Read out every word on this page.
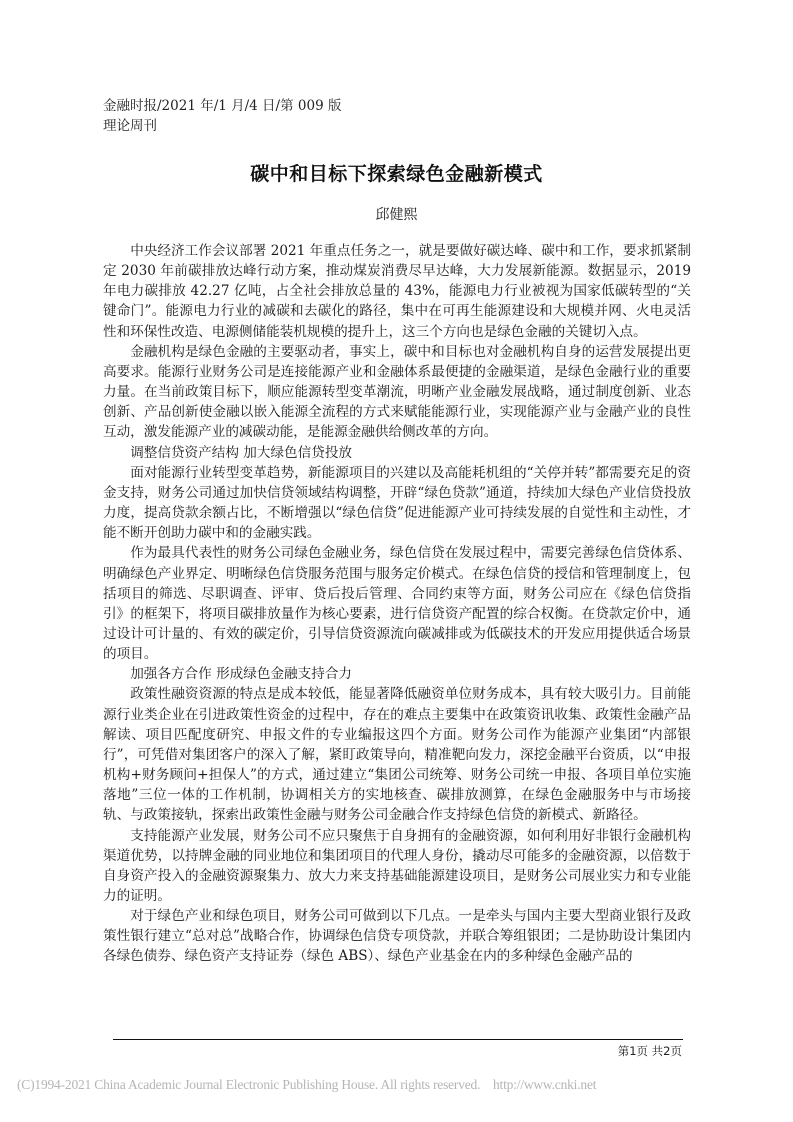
金融时报/2021 年/1 月/4 日/第 009 版
理论周刊
碳中和目标下探索绿色金融新模式
邱健熙

中央经济工作会议部署 2021 年重点任务之一，就是要做好碳达峰、碳中和工作，要求抓紧制定 2030 年前碳排放达峰行动方案，推动煤炭消费尽早达峰，大力发展新能源。数据显示，2019 年电力碳排放 42.27 亿吨，占全社会排放总量的 43%，能源电力行业被视为国家低碳转型的“关键命门”。能源电力行业的减碳和去碳化的路径，集中在可再生能源建设和大规模并网、火电灵活性和环保性改造、电源侧储能装机规模的提升上，这三个方向也是绿色金融的关键切入点。

金融机构是绿色金融的主要驱动者，事实上，碳中和目标也对金融机构自身的运营发展提出更高要求。能源行业财务公司是连接能源产业和金融体系最便捷的金融渠道，是绿色金融行业的重要力量。在当前政策目标下，顺应能源转型变革潮流，明晰产业金融发展战略，通过制度创新、业态创新、产品创新使金融以嵌入能源全流程的方式来赋能能源行业，实现能源产业与金融产业的良性互动，激发能源产业的减碳动能，是能源金融供给侧改革的方向。

调整信贷资产结构 加大绿色信贷投放

面对能源行业转型变革趋势，新能源项目的兴建以及高能耗机组的“关停并转”都需要充足的资金支持，财务公司通过加快信贷领域结构调整，开辟“绿色贷款”通道，持续加大绿色产业信贷投放力度，提高贷款余额占比，不断增强以“绿色信贷”促进能源产业可持续发展的自觉性和主动性，才能不断开创助力碳中和的金融实践。

作为最具代表性的财务公司绿色金融业务，绿色信贷在发展过程中，需要完善绿色信贷体系、明确绿色产业界定、明晰绿色信贷服务范围与服务定价模式。在绿色信贷的授信和管理制度上，包括项目的筛选、尽职调查、评审、贷后投后管理、合同约束等方面，财务公司应在《绿色信贷指引》的框架下，将项目碳排放量作为核心要素，进行信贷资产配置的综合权衡。在贷款定价中，通过设计可计量的、有效的碳定价，引导信贷资源流向碳减排或为低碳技术的开发应用提供适合场景的项目。

加强各方合作 形成绿色金融支持合力

政策性融资资源的特点是成本较低，能显著降低融资单位财务成本，具有较大吸引力。目前能源行业类企业在引进政策性资金的过程中，存在的难点主要集中在政策资讯收集、政策性金融产品解读、项目匹配度研究、申报文件的专业编报这四个方面。财务公司作为能源产业集团“内部银行”，可凭借对集团客户的深入了解，紧盯政策导向，精准靶向发力，深挖金融平台资质，以“申报机构+财务顾问+担保人”的方式，通过建立“集团公司统筹、财务公司统一申报、各项目单位实施落地”三位一体的工作机制，协调相关方的实地核查、碳排放测算，在绿色金融服务中与市场接轨、与政策接轨，探索出政策性金融与财务公司金融合作支持绿色信贷的新模式、新路径。

支持能源产业发展，财务公司不应只聚焦于自身拥有的金融资源，如何利用好非银行金融机构渠道优势，以持牌金融的同业地位和集团项目的代理人身份，撬动尽可能多的金融资源，以倍数于自身资产投入的金融资源聚集力、放大力来支持基础能源建设项目，是财务公司展业实力和专业能力的证明。

对于绿色产业和绿色项目，财务公司可做到以下几点。一是牵头与国内主要大型商业银行及政策性银行建立“总对总”战略合作，协调绿色信贷专项贷款，并联合筹组银团；二是协助设计集团内各绿色债券、绿色资产支持证券（绿色 ABS）、绿色产业基金在内的多种绿色金融产品的

第1页 共2页
(C)1994-2021 China Academic Journal Electronic Publishing House. All rights reserved.    http://www.cnki.net
